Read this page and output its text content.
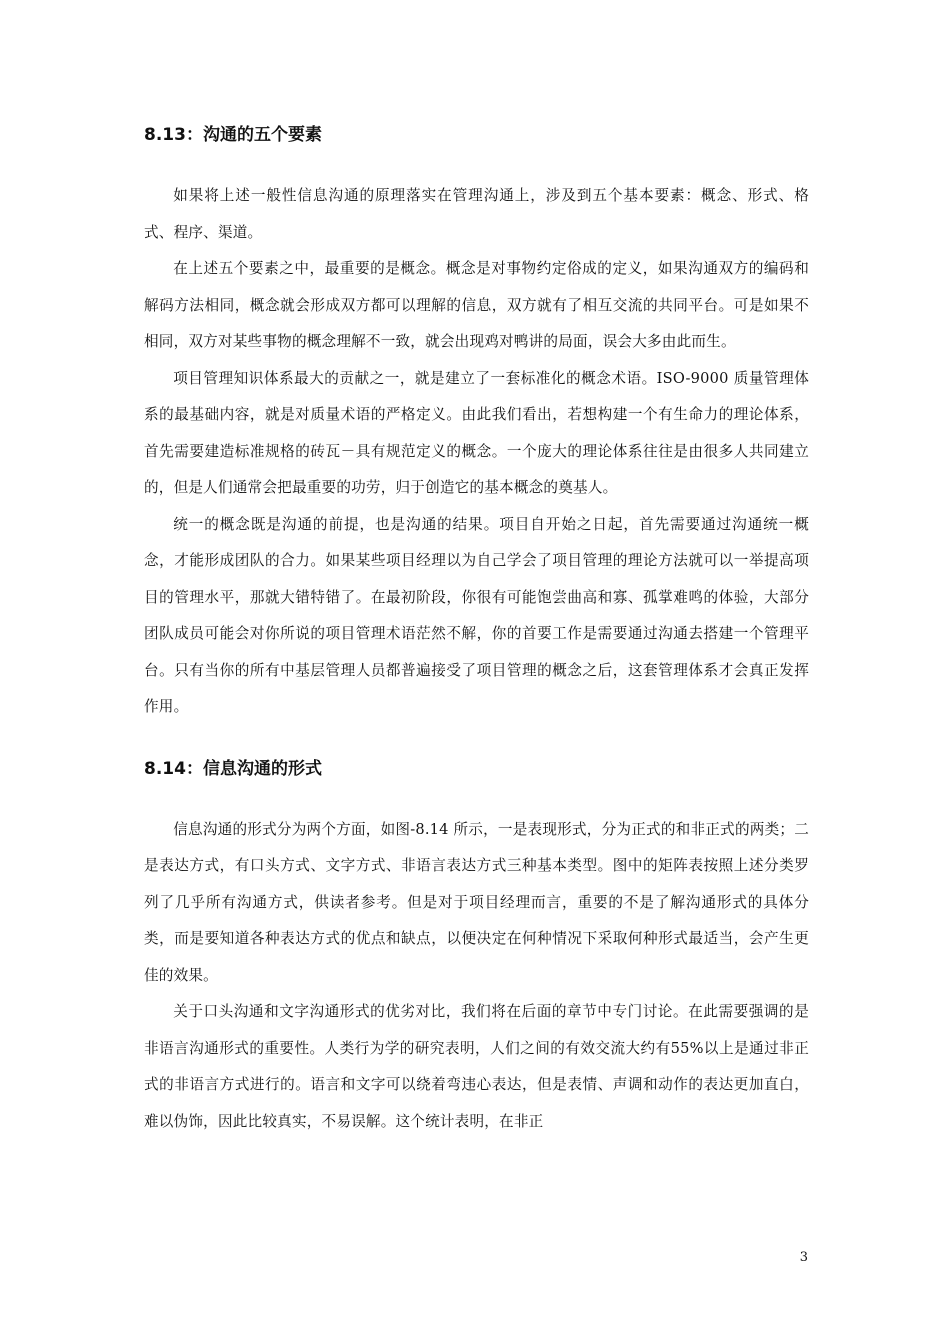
8.13：沟通的五个要素

如果将上述一般性信息沟通的原理落实在管理沟通上，涉及到五个基本要素：概念、形式、格式、程序、渠道。

在上述五个要素之中，最重要的是概念。概念是对事物约定俗成的定义，如果沟通双方的编码和解码方法相同，概念就会形成双方都可以理解的信息，双方就有了相互交流的共同平台。可是如果不相同，双方对某些事物的概念理解不一致，就会出现鸡对鸭讲的局面，误会大多由此而生。

项目管理知识体系最大的贡献之一，就是建立了一套标准化的概念术语。ISO-9000 质量管理体系的最基础内容，就是对质量术语的严格定义。由此我们看出，若想构建一个有生命力的理论体系，首先需要建造标准规格的砖瓦－具有规范定义的概念。一个庞大的理论体系往往是由很多人共同建立的，但是人们通常会把最重要的功劳，归于创造它的基本概念的奠基人。

统一的概念既是沟通的前提，也是沟通的结果。项目自开始之日起，首先需要通过沟通统一概念，才能形成团队的合力。如果某些项目经理以为自己学会了项目管理的理论方法就可以一举提高项目的管理水平，那就大错特错了。在最初阶段，你很有可能饱尝曲高和寡、孤掌难鸣的体验，大部分团队成员可能会对你所说的项目管理术语茫然不解，你的首要工作是需要通过沟通去搭建一个管理平台。只有当你的所有中基层管理人员都普遍接受了项目管理的概念之后，这套管理体系才会真正发挥作用。

8.14：信息沟通的形式

信息沟通的形式分为两个方面，如图-8.14 所示，一是表现形式，分为正式的和非正式的两类；二是表达方式，有口头方式、文字方式、非语言表达方式三种基本类型。图中的矩阵表按照上述分类罗列了几乎所有沟通方式，供读者参考。但是对于项目经理而言，重要的不是了解沟通形式的具体分类，而是要知道各种表达方式的优点和缺点，以便决定在何种情况下采取何种形式最适当，会产生更佳的效果。

关于口头沟通和文字沟通形式的优劣对比，我们将在后面的章节中专门讨论。在此需要强调的是非语言沟通形式的重要性。人类行为学的研究表明，人们之间的有效交流大约有55%以上是通过非正式的非语言方式进行的。语言和文字可以绕着弯违心表达，但是表情、声调和动作的表达更加直白，难以伪饰，因此比较真实，不易误解。这个统计表明，在非正

3
